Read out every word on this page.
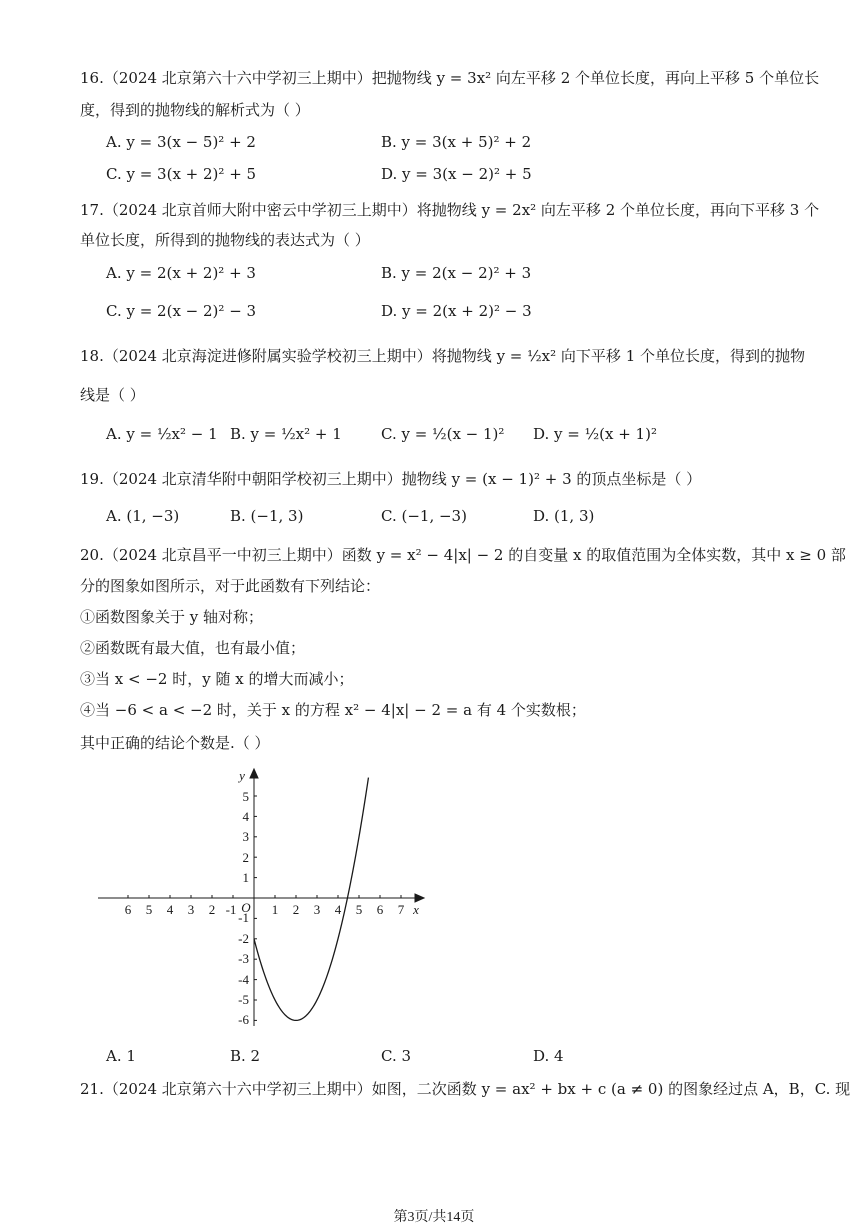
16.（2024 北京第六十六中学初三上期中）把抛物线 y = 3x² 向左平移 2 个单位长度，再向上平移 5 个单位长
度，得到的抛物线的解析式为（ ）
A. y = 3(x − 5)² + 2	B. y = 3(x + 5)² + 2
C. y = 3(x + 2)² + 5	D. y = 3(x − 2)² + 5
17.（2024 北京首师大附中密云中学初三上期中）将抛物线 y = 2x² 向左平移 2 个单位长度，再向下平移 3 个
单位长度，所得到的抛物线的表达式为（ ）
A. y = 2(x + 2)² + 3	B. y = 2(x − 2)² + 3
C. y = 2(x − 2)² − 3	D. y = 2(x + 2)² − 3
18.（2024 北京海淀进修附属实验学校初三上期中）将抛物线 y = ½x² 向下平移 1 个单位长度，得到的抛物
线是（ ）
A. y = ½x² − 1 B. y = ½x² + 1	C. y = ½(x − 1)² D. y = ½(x + 1)²
19.（2024 北京清华附中朝阳学校初三上期中）抛物线 y = (x − 1)² + 3 的顶点坐标是（ ）
A. (1, −3)	B. (−1, 3)	C. (−1, −3)	D. (1, 3)
20.（2024 北京昌平一中初三上期中）函数 y = x² − 4|x| − 2 的自变量 x 的取值范围为全体实数，其中 x ≥ 0 部
分的图象如图所示，对于此函数有下列结论：
①函数图象关于 y 轴对称；
②函数既有最大值，也有最小值；
③当 x < −2 时，y 随 x 的增大而减小；
④当 −6 < a < −2 时，关于 x 的方程 x² − 4|x| − 2 = a 有 4 个实数根；
其中正确的结论个数是.（ ）
6 5 4 3 2 -1 O 1 2 3 4 5 6 7 x
y
5
4
3
2
1
-1
-2
-3
-4
-5
-6
A. 1	B. 2	C. 3	D. 4
21.（2024 北京第六十六中学初三上期中）如图，二次函数 y = ax² + bx + c (a ≠ 0) 的图象经过点 A，B，C. 现
第3页/共14页
